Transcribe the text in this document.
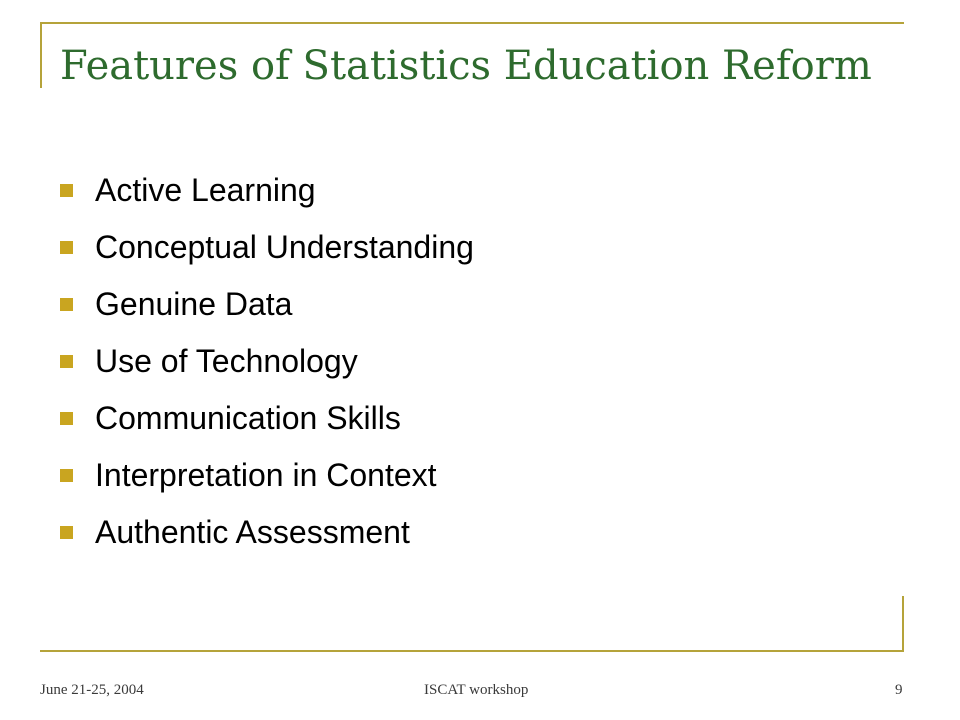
Features of Statistics Education Reform
Active Learning
Conceptual Understanding
Genuine Data
Use of Technology
Communication Skills
Interpretation in Context
Authentic Assessment
June 21-25, 2004	ISCAT workshop	9
